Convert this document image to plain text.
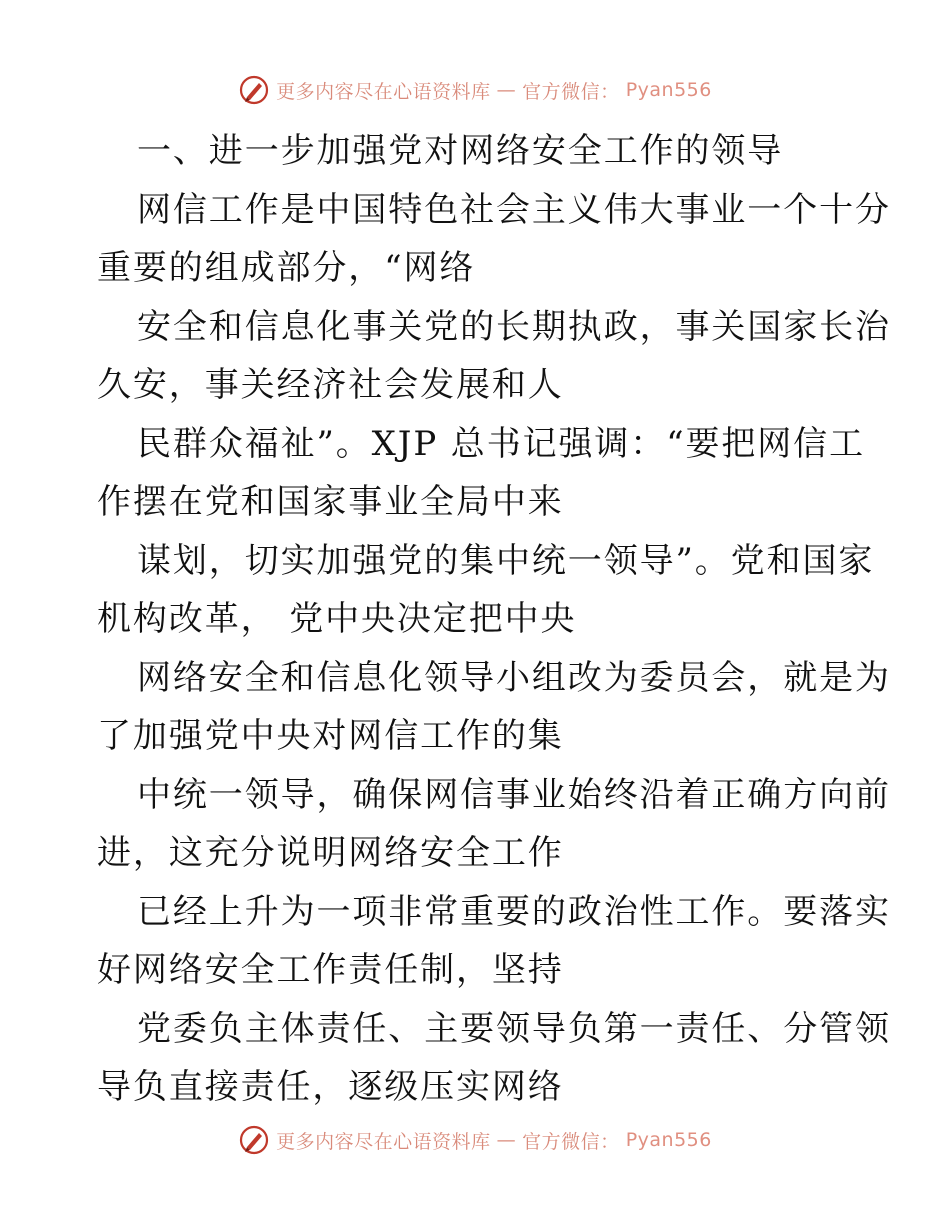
更多内容尽在心语资料库 — 官方微信： Pyan556
一、进一步加强党对网络安全工作的领导
网信工作是中国特色社会主义伟大事业一个十分
重要的组成部分，“网络
安全和信息化事关党的长期执政，事关国家长治
久安，事关经济社会发展和人
民群众福祉”。XJP 总书记强调：“要把网信工
作摆在党和国家事业全局中来
谋划，切实加强党的集中统一领导”。党和国家
机构改革， 党中央决定把中央
网络安全和信息化领导小组改为委员会，就是为
了加强党中央对网信工作的集
中统一领导，确保网信事业始终沿着正确方向前
进，这充分说明网络安全工作
已经上升为一项非常重要的政治性工作。要落实
好网络安全工作责任制，坚持
党委负主体责任、主要领导负第一责任、分管领
导负直接责任，逐级压实网络
更多内容尽在心语资料库 — 官方微信： Pyan556
